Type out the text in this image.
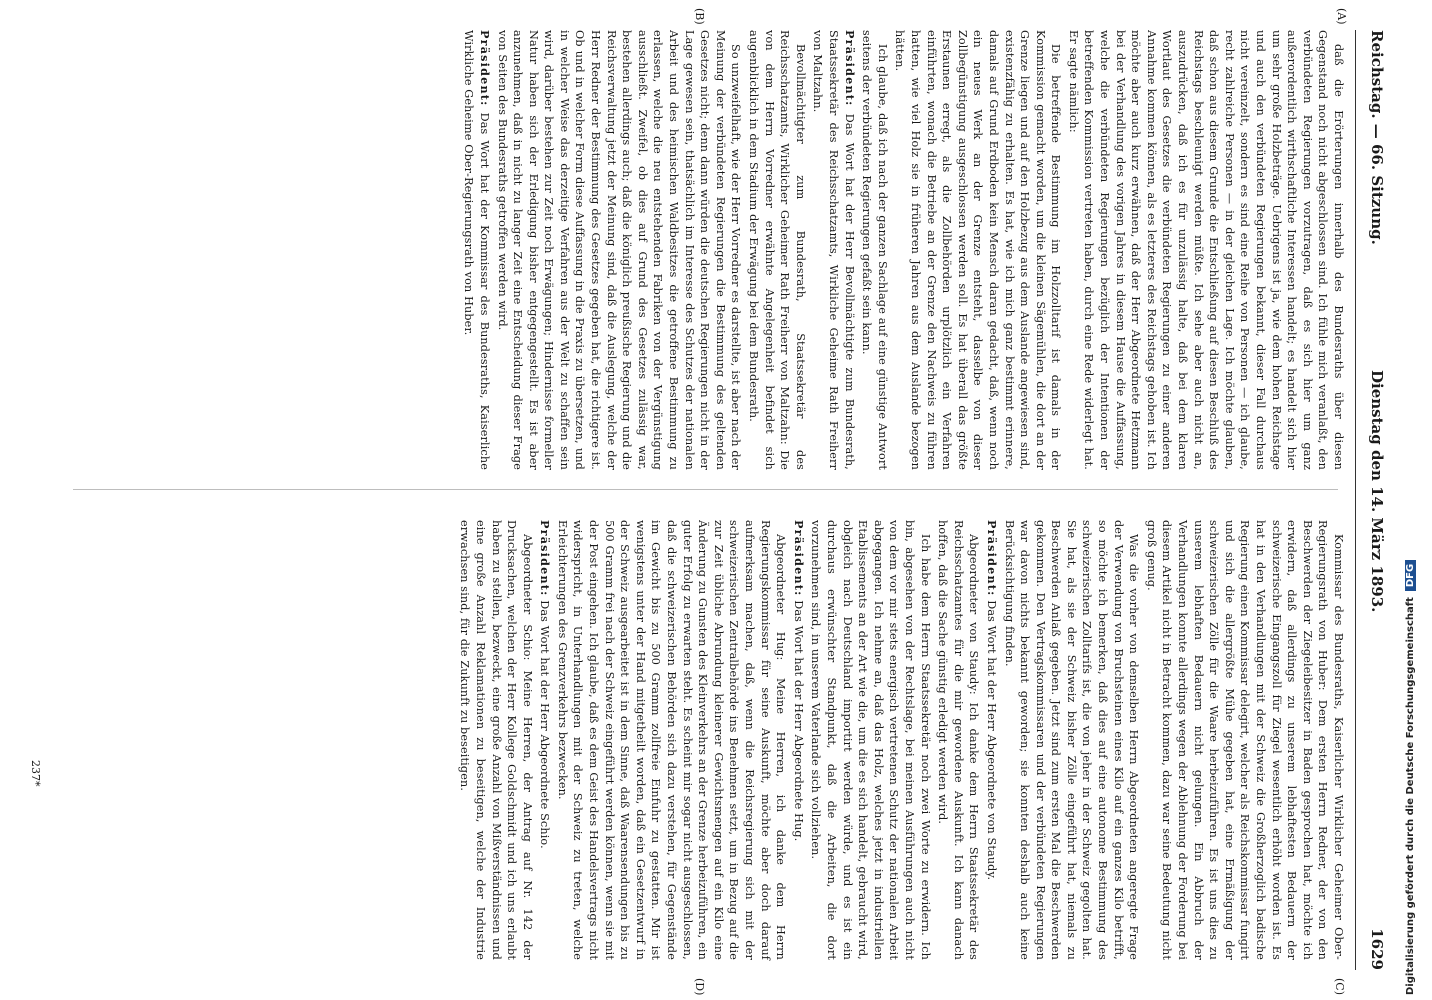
Reichstag. — 66. Sitzung.
Dienstag den 14. März 1893.
1629
(A)
(B)
(C)
(D)

daß die Erörterungen innerhalb des Bundesraths über diesen Gegenstand noch nicht abgeschlossen sind. Ich fühle mich veranlaßt, den verbündeten Regierungen vorzutragen, daß es sich hier um ganz außerordentlich wirthschaftliche Interessen handelt; es handelt sich hier um sehr große Holzbeträge. Uebrigens ist ja, wie dem hohen Reichstage und auch den verbündeten Regierungen bekannt, dieser Fall durchaus nicht vereinzelt, sondern es sind eine Reihe von Personen — ich glaube, recht zahlreiche Personen — in der gleichen Lage. Ich möchte glauben, daß schon aus diesem Grunde die Entschließung auf diesen Beschluß des Reichstags beschleunigt werden müßte. Ich sehe aber auch nicht an, auszudrücken, daß ich es für unzulässig halte, daß bei dem klaren Wortlaut des Gesetzes die verbündeten Regierungen zu einer anderen Annahme kommen können, als es letzteres des Reichstags gehoben ist. Ich möchte aber auch kurz erwähnen, daß der Herr Abgeordnete Hetzmann bei der Verhandlung des vorigen Jahres in diesem Hause die Auffassung, welche die verbündeten Regierungen bezüglich der Intentionen der betreffenden Kommission vertreten haben, durch eine Rede widerlegt hat. Er sagte nämlich:

Die betreffende Bestimmung im Holzzolltarif ist damals in der Kommission gemacht worden, um die kleinen Sägemühlen, die dort an der Grenze liegen und auf den Holzbezug aus dem Auslande angewiesen sind, existenzfähig zu erhalten. Es hat, wie ich mich ganz bestimmt erinnere, damals auf Grund Erdboden kein Mensch daran gedacht, daß, wenn noch ein neues Werk an der Grenze entsteht, dasselbe von dieser Zollbegünstigung ausgeschlossen werden soll. Es hat überall das größte Erstaunen erregt, als die Zollbehörden urplötzlich ein Verfahren einführten, wonach die Betriebe an der Grenze den Nachweis zu führen hatten, wie viel Holz sie in früheren Jahren aus dem Auslande bezogen hätten.

Ich glaube, daß ich nach der ganzen Sachlage auf eine günstige Antwort seitens der verbündeten Regierungen gefaßt sein kann.

Präsident: Das Wort hat der Herr Bevollmächtigte zum Bundesrath, Staatssekretär des Reichsschatzamts, Wirkliche Geheime Rath Freiherr von Maltzahn.

Bevollmächtigter zum Bundesrath, Staatssekretär des Reichsschatzamts, Wirklicher Geheimer Rath Freiherr von Maltzahn: Die von dem Herrn Vorredner erwähnte Angelegenheit befindet sich augenblicklich in dem Stadium der Erwägung bei dem Bundesrath.

So unzweifelhaft, wie der Herr Vorredner es darstellte, ist aber nach der Meinung der verbündeten Regierungen die Bestimmung des geltenden Gesetzes nicht; denn dann würden die deutschen Regierungen nicht in der Lage gewesen sein, thatsächlich im Interesse des Schutzes der nationalen Arbeit und des heimischen Waldbesitzes die getroffene Bestimmung zu erlassen, welche die neu entstehenden Fabriken von der Vergünstigung ausschließt. Zweifel, ob dies auf Grund des Gesetzes zulässig war, bestehen allerdings auch; daß die königlich preußische Regierung und die Reichsverwaltung jetzt der Meinung sind, daß die Auslegung, welche der Herr Redner der Bestimmung des Gesetzes gegeben hat, die richtigere ist. Ob und in welcher Form diese Auffassung in die Praxis zu übersetzen, und in welcher Weise das derzeitige Verfahren aus der Welt zu schaffen sein wird, darüber bestehen zur Zeit noch Erwägungen; Hindernisse formeller Natur haben sich der Erledigung bisher entgegengestellt. Es ist aber anzunehmen, daß in nicht zu langer Zeit eine Entscheidung dieser Frage von Seiten des Bundesraths getroffen werden wird.

Präsident: Das Wort hat der Kommissar des Bundesraths, Kaiserliche Wirkliche Geheime Ober-Regierungsrath von Huber.

Kommissar des Bundesraths, Kaiserlicher Wirklicher Geheimer Ober-Regierungsrath von Huber: Dem ersten Herrn Redner, der von den Beschwerden der Ziegeleibesitzer in Baden gesprochen hat, möchte ich erwidern, daß allerdings zu unserem lebhaftesten Bedauern der schweizerische Eingangszoll für Ziegel wesentlich erhöht worden ist. Es hat in den Verhandlungen mit der Schweiz die Großherzoglich badische Regierung einen Kommissar delegirt, welcher als Reichskommissar fungirt und sich die allergrößte Mühe gegeben hat, eine Ermäßigung der schweizerischen Zölle für die Waare herbeizuführen. Es ist uns dies zu unserem lebhaften Bedauern nicht gelungen. Ein Abbruch der Verhandlungen konnte allerdings wegen der Ablehnung der Forderung bei diesem Artikel nicht in Betracht kommen, dazu war seine Bedeutung nicht groß genug.

Was die vorher von demselben Herrn Abgeordneten angeregte Frage der Verwendung von Bruchsteinen eines Kilo auf ein ganzes Kilo betrifft, so möchte ich bemerken, daß dies auf eine autonome Bestimmung des schweizerischen Zolltarifs ist, die von jeher in der Schweiz gegolten hat. Sie hat, als sie der Schweiz bisher Zölle eingeführt hat, niemals zu Beschwerden Anlaß gegeben. Jetzt sind zum ersten Mal die Beschwerden gekommen. Den Vertragskommissaren und der verbündeten Regierungen war davon nichts bekannt geworden; sie konnten deshalb auch keine Berücksichtigung finden.

Präsident: Das Wort hat der Herr Abgeordnete von Staudy.

Abgeordneter von Staudy: Ich danke dem Herrn Staatssekretär des Reichsschatzamtes für die mir gewordene Auskunft. Ich kann danach hoffen, daß die Sache günstig erledigt werden wird.

Ich habe dem Herrn Staatssekretär noch zwei Worte zu erwidern. Ich bin, abgesehen von der Rechtslage, bei meinen Ausführungen auch nicht von dem vor mir stets energisch vertretenen Schutz der nationalen Arbeit abgegangen. Ich nehme an, daß das Holz, welches jetzt in industriellen Etablissements an der Art wie die, um die es sich handelt, gebraucht wird, obgleich nach Deutschland importirt werden würde, und es ist ein durchaus erwünschter Standpunkt, daß die Arbeiten, die dort vorzunehmen sind, in unserem Vaterlande sich vollziehen.

Präsident: Das Wort hat der Herr Abgeordnete Hug.

Abgeordneter Hug: Meine Herren, ich danke dem Herrn Regierungskommissar für seine Auskunft, möchte aber doch darauf aufmerksam machen, daß, wenn die Reichsregierung sich mit der schweizerischen Zentralbehörde ins Benehmen setzt, um in Bezug auf die zur Zeit übliche Abrundung kleinerer Gewichtsmengen auf ein Kilo eine Änderung zu Gunsten des Kleinverkehrs an der Grenze herbeizuführen, ein guter Erfolg zu erwarten steht. Es scheint mir sogar nicht ausgeschlossen, daß die schweizerischen Behörden sich dazu verstehen, für Gegenstände im Gewicht bis zu 500 Gramm zollfreie Einfuhr zu gestatten. Mir ist wenigstens unter der Hand mitgetheilt worden, daß ein Gesetzentwurf in der Schweiz ausgearbeitet ist in dem Sinne, daß Waarensendungen bis zu 500 Gramm frei nach der Schweiz eingeführt werden können, wenn sie mit der Post eingehen. Ich glaube, daß es dem Geist des Handelsvertrags nicht widerspricht, in Unterhandlungen mit der Schweiz zu treten, welche Erleichterungen des Grenzverkehrs bezwecken.

Präsident: Das Wort hat der Herr Abgeordnete Schio.

Abgeordneter Schio: Meine Herren, der Antrag auf Nr. 142 der Drucksachen, welchen der Herr Kollege Goldschmidt und ich uns erlaubt haben zu stellen, bezweckt, eine große Anzahl von Mißverständnissen und eine große Anzahl Reklamationen zu beseitigen, welche der Industrie erwachsen sind, für die Zukunft zu beseitigen.

237*	Digitalisierung gefördert durch die Deutsche ForschungsgemeinschaftDFG
